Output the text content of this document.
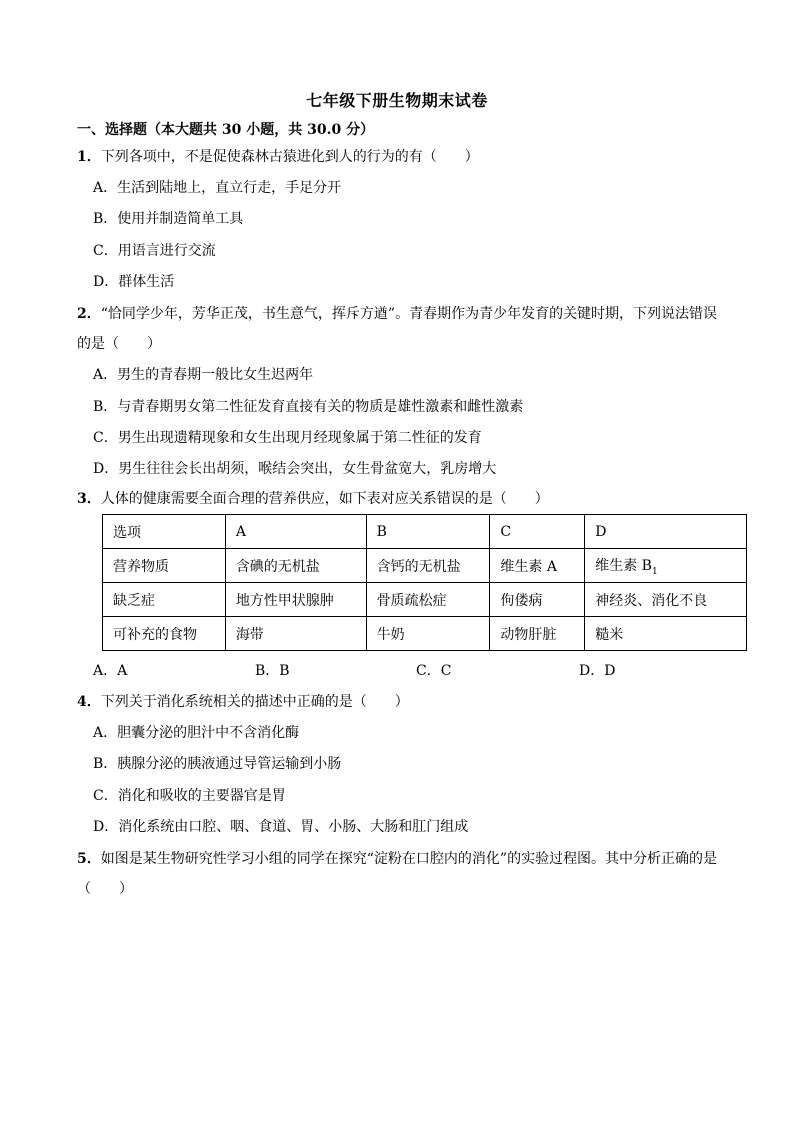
七年级下册生物期末试卷
一、选择题（本大题共 30 小题，共 30.0 分）
1．下列各项中，不是促使森林古猿进化到人的行为的有（　　）
A．生活到陆地上，直立行走，手足分开
B．使用并制造简单工具
C．用语言进行交流
D．群体生活
2．“恰同学少年，芳华正茂，书生意气，挥斥方遒”。青春期作为青少年发育的关键时期，下列说法错误
的是（　　）
A．男生的青春期一般比女生迟两年
B．与青春期男女第二性征发育直接有关的物质是雄性激素和雌性激素
C．男生出现遗精现象和女生出现月经现象属于第二性征的发育
D．男生往往会长出胡须，喉结会突出，女生骨盆宽大，乳房增大
3．人体的健康需要全面合理的营养供应，如下表对应关系错误的是（　　）
选项	A	B	C	D
营养物质	含碘的无机盐	含钙的无机盐	维生素 A	维生素 $B_1$
缺乏症	地方性甲状腺肿	骨质疏松症	佝偻病	神经炎、消化不良
可补充的食物	海带	牛奶	动物肝脏	糙米
A．A	B．B	C．C	D．D
4．下列关于消化系统相关的描述中正确的是（　　）
A．胆囊分泌的胆汁中不含消化酶
B．胰腺分泌的胰液通过导管运输到小肠
C．消化和吸收的主要器官是胃
D．消化系统由口腔、咽、食道、胃、小肠、大肠和肛门组成
5．如图是某生物研究性学习小组的同学在探究“淀粉在口腔内的消化”的实验过程图。其中分析正确的是
（　　）
